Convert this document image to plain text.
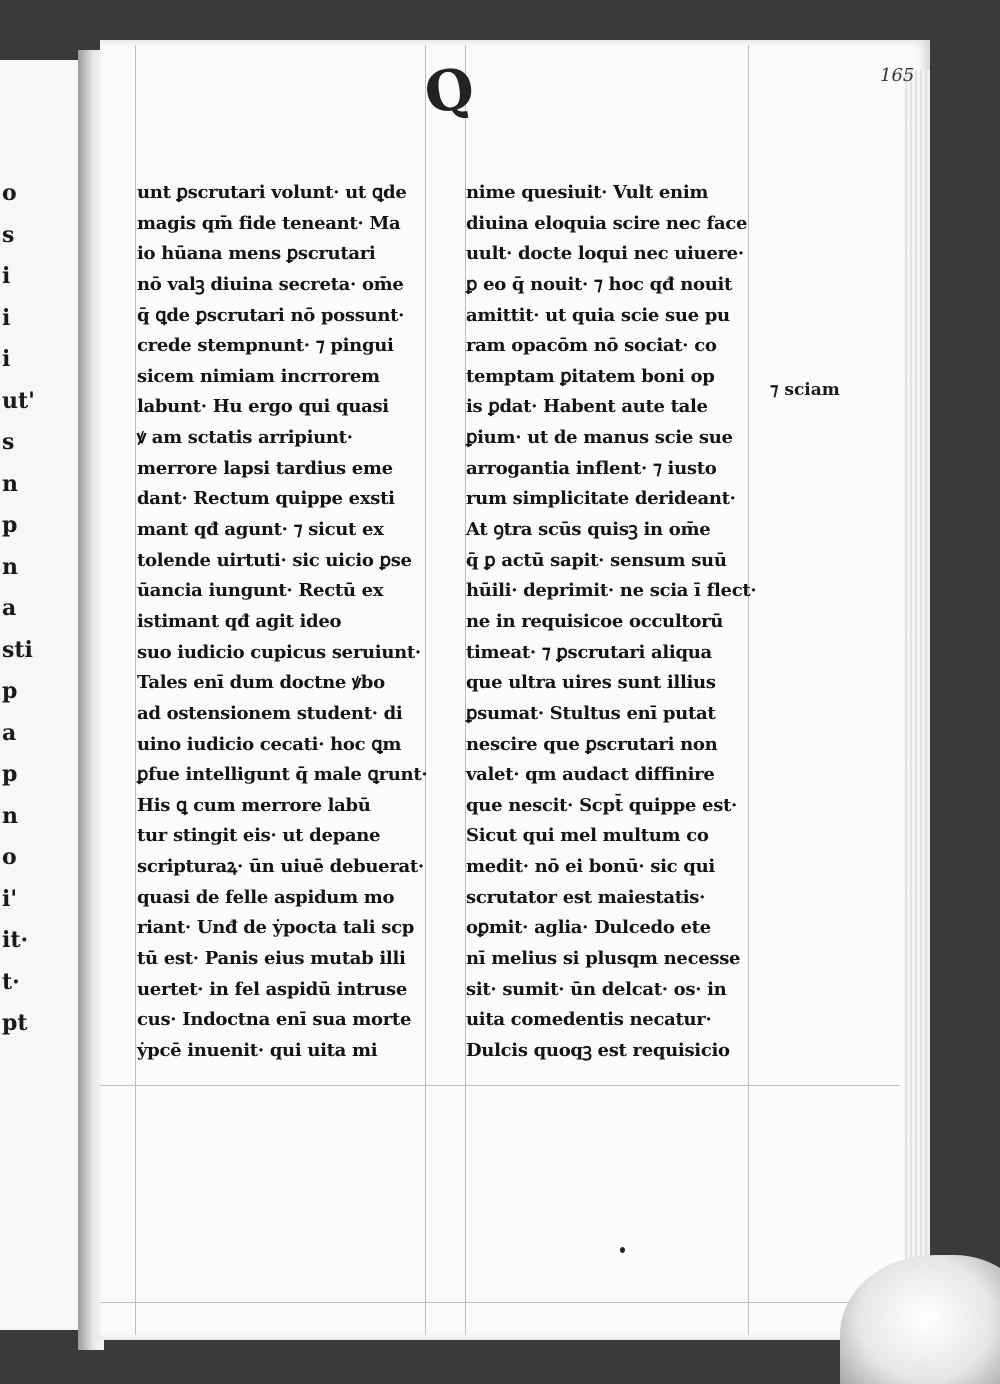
o
s
i
i
i
ut'
s
n
p
n
a
sti
p
a
p
n
o
i'
it·
t·
pt
Q	165
⁊ sciam
unt ꝑscrutari volunt· ut ꝗde
magis qm̄ fide teneant· Ma
io hūana mens ꝑscrutari
nō valꝫ diuina secreta· om̄e
q̄ ꝗde ꝑscrutari nō possunt·
crede stempnunt· ⁊ pingui
sicem nimiam incrrorem
labunt· Hu ergo qui quasi
ꝟ am sctatis arripiunt·
merrore lapsi tardius eme
dant· Rectum quippe exsti
mant qđ agunt· ⁊ sicut ex
tolende uirtuti· sic uicio ꝑse
ūancia iungunt· Rectū ex
istimant qđ agit ideo
suo iudicio cupicus seruiunt·
Tales enī dum doctne ꝟbo
ad ostensionem student· di
uino iudicio cecati· hoc ꝗm
ꝑfue intelligunt q̄ male ꝗrunt·
His ꝗ cum merrore labū
tur stingit eis· ut depane
scripturaꝝ· ūn uiuē debuerat·
quasi de felle aspidum mo
riant· Unđ de ẏpocta tali scp
tū est· Panis eius mutab illi
uertet· in fel aspidū intruse
cus· Indoctna enī sua morte
ẏpcē inuenit· qui uita mi
nime quesiuit· Vult enim
diuina eloquia scire nec face
uult· docte loqui nec uiuere·
ꝑ eo q̄ nouit· ⁊ hoc qđ nouit
amittit· ut quia scie sue pu
ram opacōm nō sociat· co
temptam ꝑitatem boni op
is ꝑdat· Habent aute tale
ꝑium· ut de manus scie sue
arrogantia inflent· ⁊ iusto
rum simplicitate derideant·
At ꝯtra scūs quisꝫ in om̄e
q̄ ꝑ actū sapit· sensum suū
hūili· deprimit· ne scia ī flect·
ne in requisicoe occultorū
timeat· ⁊ ꝑscrutari aliqua
que ultra uires sunt illius
ꝑsumat· Stultus enī putat
nescire que ꝑscrutari non
valet· qm audact diffinire
que nescit· Scpt̄ quippe est·
Sicut qui mel multum co
medit· nō ei bonū· sic qui
scrutator est maiestatis·
oꝑmit· aglia· Dulcedo ete
nī melius si plusqm necesse
sit· sumit· ūn delcat· os· in
uita comedentis necatur·
Dulcis quoqꝫ est requisicio
